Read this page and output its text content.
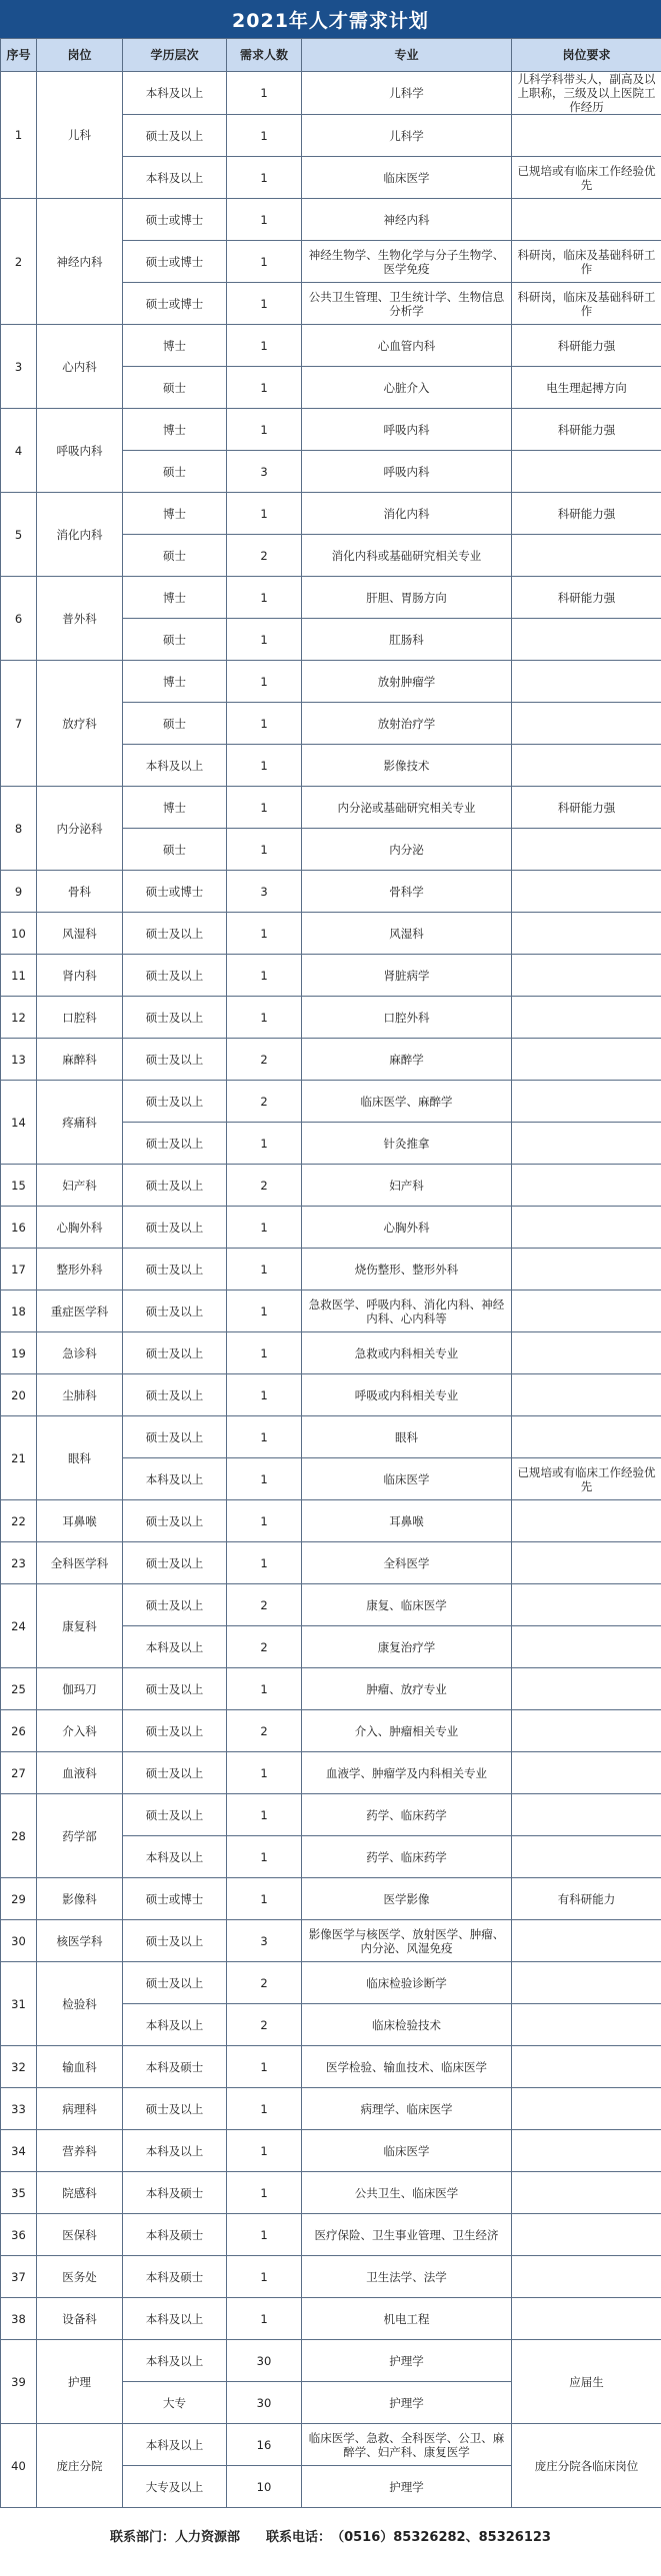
2021年人才需求计划
序号	岗位	学历层次	需求人数	专业	岗位要求
1	儿科	本科及以上	1	儿科学	儿科学科带头人，副高及以上职称，三级及以上医院工作经历
		硕士及以上	1	儿科学	
		本科及以上	1	临床医学	已规培或有临床工作经验优先
2	神经内科	硕士或博士	1	神经内科	
		硕士或博士	1	神经生物学、生物化学与分子生物学、医学免疫	科研岗，临床及基础科研工作
		硕士或博士	1	公共卫生管理、卫生统计学、生物信息分析学	科研岗，临床及基础科研工作
3	心内科	博士	1	心血管内科	科研能力强
		硕士	1	心脏介入	电生理起搏方向
4	呼吸内科	博士	1	呼吸内科	科研能力强
		硕士	3	呼吸内科	
5	消化内科	博士	1	消化内科	科研能力强
		硕士	2	消化内科或基础研究相关专业	
6	普外科	博士	1	肝胆、胃肠方向	科研能力强
		硕士	1	肛肠科	
7	放疗科	博士	1	放射肿瘤学	
		硕士	1	放射治疗学	
		本科及以上	1	影像技术	
8	内分泌科	博士	1	内分泌或基础研究相关专业	科研能力强
		硕士	1	内分泌	
9	骨科	硕士或博士	3	骨科学	
10	风湿科	硕士及以上	1	风湿科	
11	肾内科	硕士及以上	1	肾脏病学	
12	口腔科	硕士及以上	1	口腔外科	
13	麻醉科	硕士及以上	2	麻醉学	
14	疼痛科	硕士及以上	2	临床医学、麻醉学	
		硕士及以上	1	针灸推拿	
15	妇产科	硕士及以上	2	妇产科	
16	心胸外科	硕士及以上	1	心胸外科	
17	整形外科	硕士及以上	1	烧伤整形、整形外科	
18	重症医学科	硕士及以上	1	急救医学、呼吸内科、消化内科、神经内科、心内科等	
19	急诊科	硕士及以上	1	急救或内科相关专业	
20	尘肺科	硕士及以上	1	呼吸或内科相关专业	
21	眼科	硕士及以上	1	眼科	
		本科及以上	1	临床医学	已规培或有临床工作经验优先
22	耳鼻喉	硕士及以上	1	耳鼻喉	
23	全科医学科	硕士及以上	1	全科医学	
24	康复科	硕士及以上	2	康复、临床医学	
		本科及以上	2	康复治疗学	
25	伽玛刀	硕士及以上	1	肿瘤、放疗专业	
26	介入科	硕士及以上	2	介入、肿瘤相关专业	
27	血液科	硕士及以上	1	血液学、肿瘤学及内科相关专业	
28	药学部	硕士及以上	1	药学、临床药学	
		本科及以上	1	药学、临床药学	
29	影像科	硕士或博士	1	医学影像	有科研能力
30	核医学科	硕士及以上	3	影像医学与核医学、放射医学、肿瘤、内分泌、风湿免疫	
31	检验科	硕士及以上	2	临床检验诊断学	
		本科及以上	2	临床检验技术	
32	输血科	本科及硕士	1	医学检验、输血技术、临床医学	
33	病理科	硕士及以上	1	病理学、临床医学	
34	营养科	本科及以上	1	临床医学	
35	院感科	本科及硕士	1	公共卫生、临床医学	
36	医保科	本科及硕士	1	医疗保险、卫生事业管理、卫生经济	
37	医务处	本科及硕士	1	卫生法学、法学	
38	设备科	本科及以上	1	机电工程	
39	护理	本科及以上	30	护理学	应届生
		大专	30	护理学	
40	庞庄分院	本科及以上	16	临床医学、急救、全科医学、公卫、麻醉学、妇产科、康复医学	庞庄分院各临床岗位
		大专及以上	10	护理学	
联系部门： 人力资源部 联系电话： （0516）85326282、85326123
